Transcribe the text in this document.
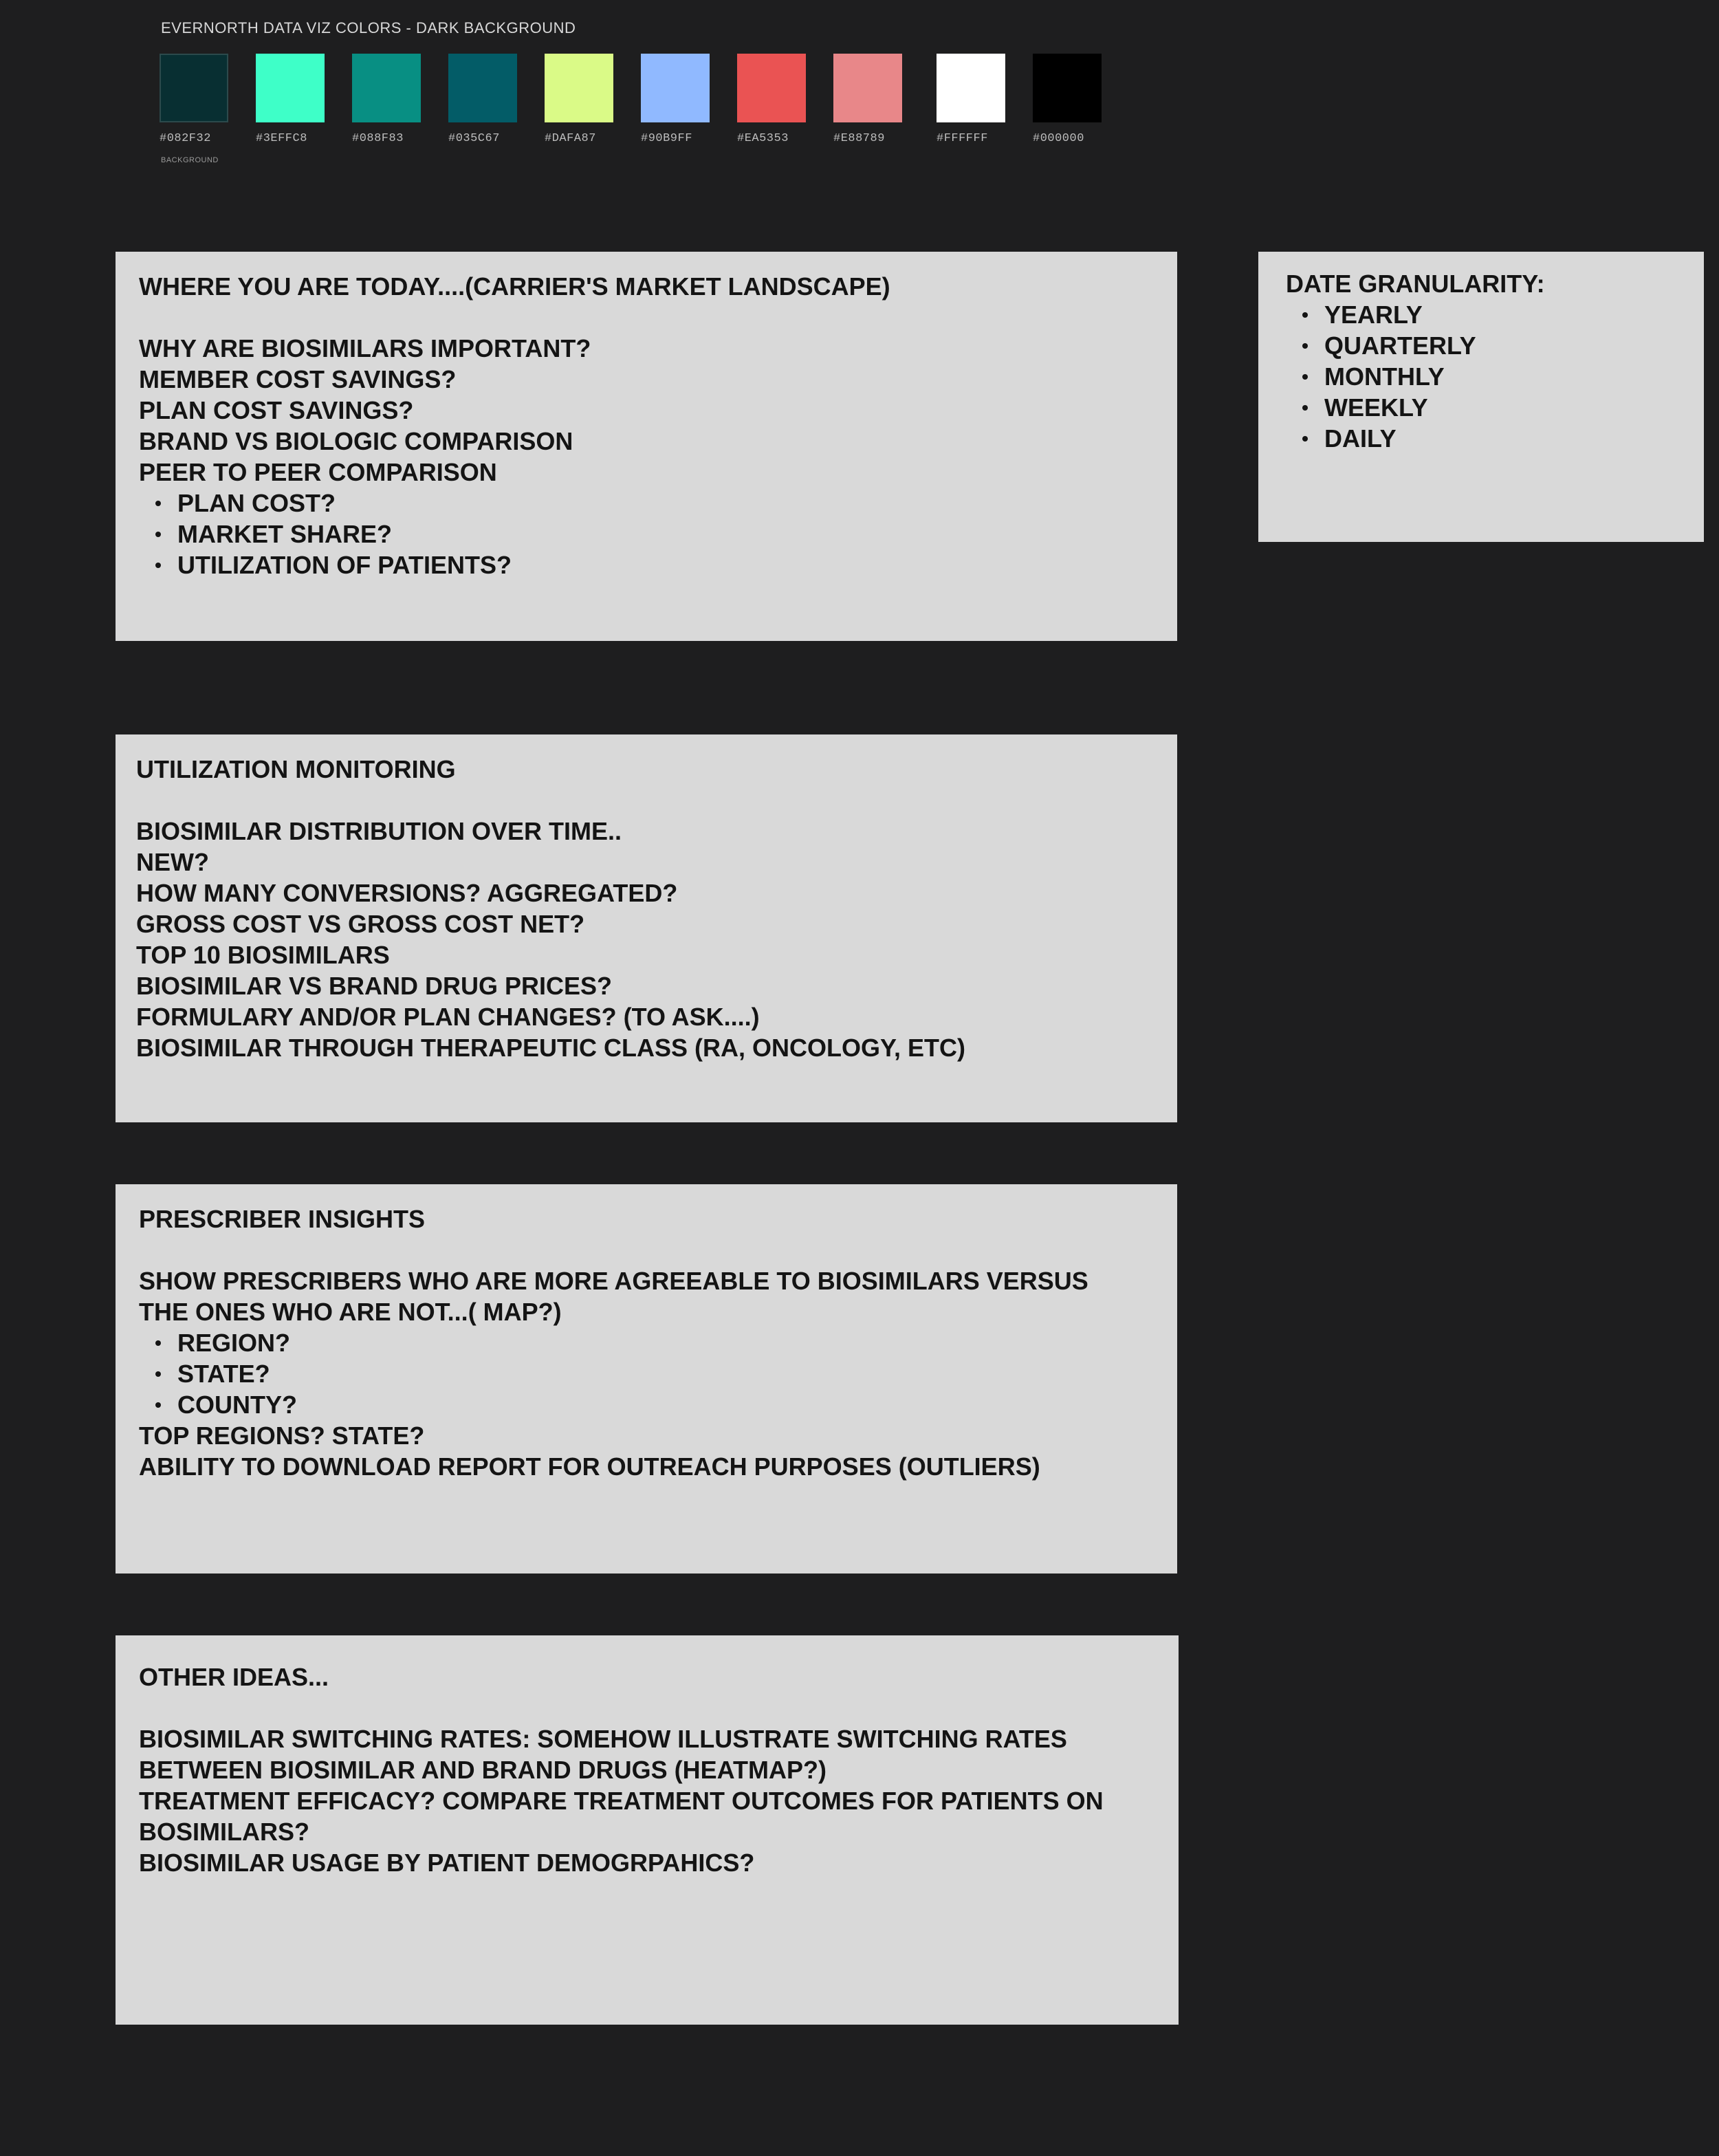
EVERNORTH DATA VIZ COLORS - DARK BACKGROUND
#082F32	#3EFFC8	#088F83	#035C67	#DAFA87	#90B9FF	#EA5353	#E88789	#FFFFFF	#000000
BACKGROUND
WHERE YOU ARE TODAY....(CARRIER'S MARKET LANDSCAPE)
WHY ARE BIOSIMILARS IMPORTANT?
MEMBER COST SAVINGS?
PLAN COST SAVINGS?
BRAND VS BIOLOGIC COMPARISON
PEER TO PEER COMPARISON
PLAN COST?
MARKET SHARE?
UTILIZATION OF PATIENTS?
DATE GRANULARITY:
YEARLY
QUARTERLY
MONTHLY
WEEKLY
DAILY
UTILIZATION MONITORING
BIOSIMILAR DISTRIBUTION OVER TIME..
NEW?
HOW MANY CONVERSIONS? AGGREGATED?
GROSS COST VS GROSS COST NET?
TOP 10 BIOSIMILARS
BIOSIMILAR VS BRAND DRUG PRICES?
FORMULARY AND/OR PLAN CHANGES? (TO ASK....)
BIOSIMILAR THROUGH THERAPEUTIC CLASS (RA, ONCOLOGY, ETC)
PRESCRIBER INSIGHTS
SHOW PRESCRIBERS WHO ARE MORE AGREEABLE TO BIOSIMILARS VERSUS
THE ONES WHO ARE NOT...( MAP?)
REGION?
STATE?
COUNTY?
TOP REGIONS? STATE?
ABILITY TO DOWNLOAD REPORT FOR OUTREACH PURPOSES (OUTLIERS)
OTHER IDEAS...
BIOSIMILAR SWITCHING RATES: SOMEHOW ILLUSTRATE SWITCHING RATES
BETWEEN BIOSIMILAR AND BRAND DRUGS (HEATMAP?)
TREATMENT EFFICACY? COMPARE TREATMENT OUTCOMES FOR PATIENTS ON
BOSIMILARS?
BIOSIMILAR USAGE BY PATIENT DEMOGRPAHICS?
